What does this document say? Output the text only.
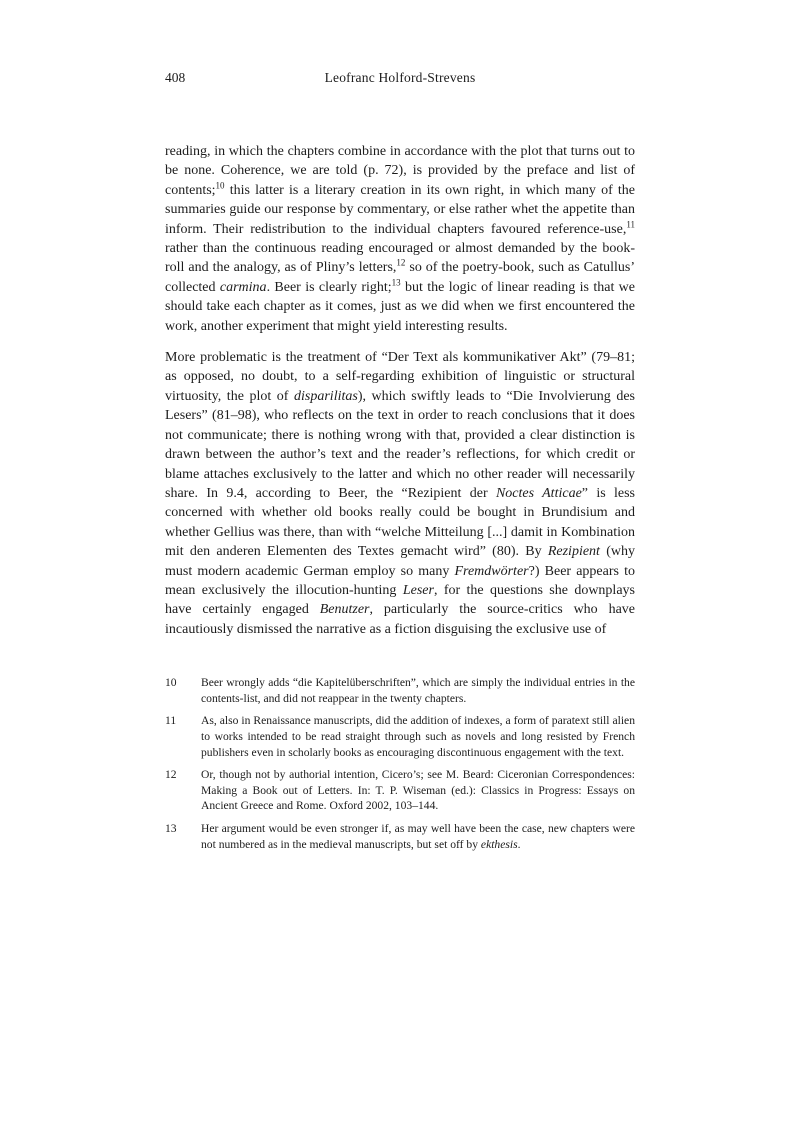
408	Leofranc Holford-Strevens

reading, in which the chapters combine in accordance with the plot that turns out to be none. Coherence, we are told (p. 72), is provided by the preface and list of contents;$^{10}$ this latter is a literary creation in its own right, in which many of the summaries guide our response by commentary, or else rather whet the appetite than inform. Their redistribution to the individual chapters favoured reference-use,$^{11}$ rather than the continuous reading encouraged or almost demanded by the book-roll and the analogy, as of Pliny’s letters,$^{12}$ so of the poetry-book, such as Catullus’ collected carmina. Beer is clearly right;$^{13}$ but the logic of linear reading is that we should take each chapter as it comes, just as we did when we first encountered the work, another experiment that might yield interesting results.

More problematic is the treatment of “Der Text als kommunikativer Akt” (79–81; as opposed, no doubt, to a self-regarding exhibition of linguistic or structural virtuosity, the plot of disparilitas), which swiftly leads to “Die Involvierung des Lesers” (81–98), who reflects on the text in order to reach conclusions that it does not communicate; there is nothing wrong with that, provided a clear distinction is drawn between the author’s text and the reader’s reflections, for which credit or blame attaches exclusively to the latter and which no other reader will necessarily share. In 9.4, according to Beer, the “Rezipient der Noctes Atticae” is less concerned with whether old books really could be bought in Brundisium and whether Gellius was there, than with “welche Mitteilung [...] damit in Kombination mit den anderen Elementen des Textes gemacht wird” (80). By Rezipient (why must modern academic German employ so many Fremdwörter?) Beer appears to mean exclusively the illocution-hunting Leser, for the questions she downplays have certainly engaged Benutzer, particularly the source-critics who have incautiously dismissed the narrative as a fiction disguising the exclusive use of

10	Beer wrongly adds “die Kapitelüberschriften”, which are simply the individual entries in the contents-list, and did not reappear in the twenty chapters.
11	As, also in Renaissance manuscripts, did the addition of indexes, a form of paratext still alien to works intended to be read straight through such as novels and long resisted by French publishers even in scholarly books as encouraging discontinuous engagement with the text.
12	Or, though not by authorial intention, Cicero’s; see M. Beard: Ciceronian Correspondences: Making a Book out of Letters. In: T. P. Wiseman (ed.): Classics in Progress: Essays on Ancient Greece and Rome. Oxford 2002, 103–144.
13	Her argument would be even stronger if, as may well have been the case, new chapters were not numbered as in the medieval manuscripts, but set off by ekthesis.
